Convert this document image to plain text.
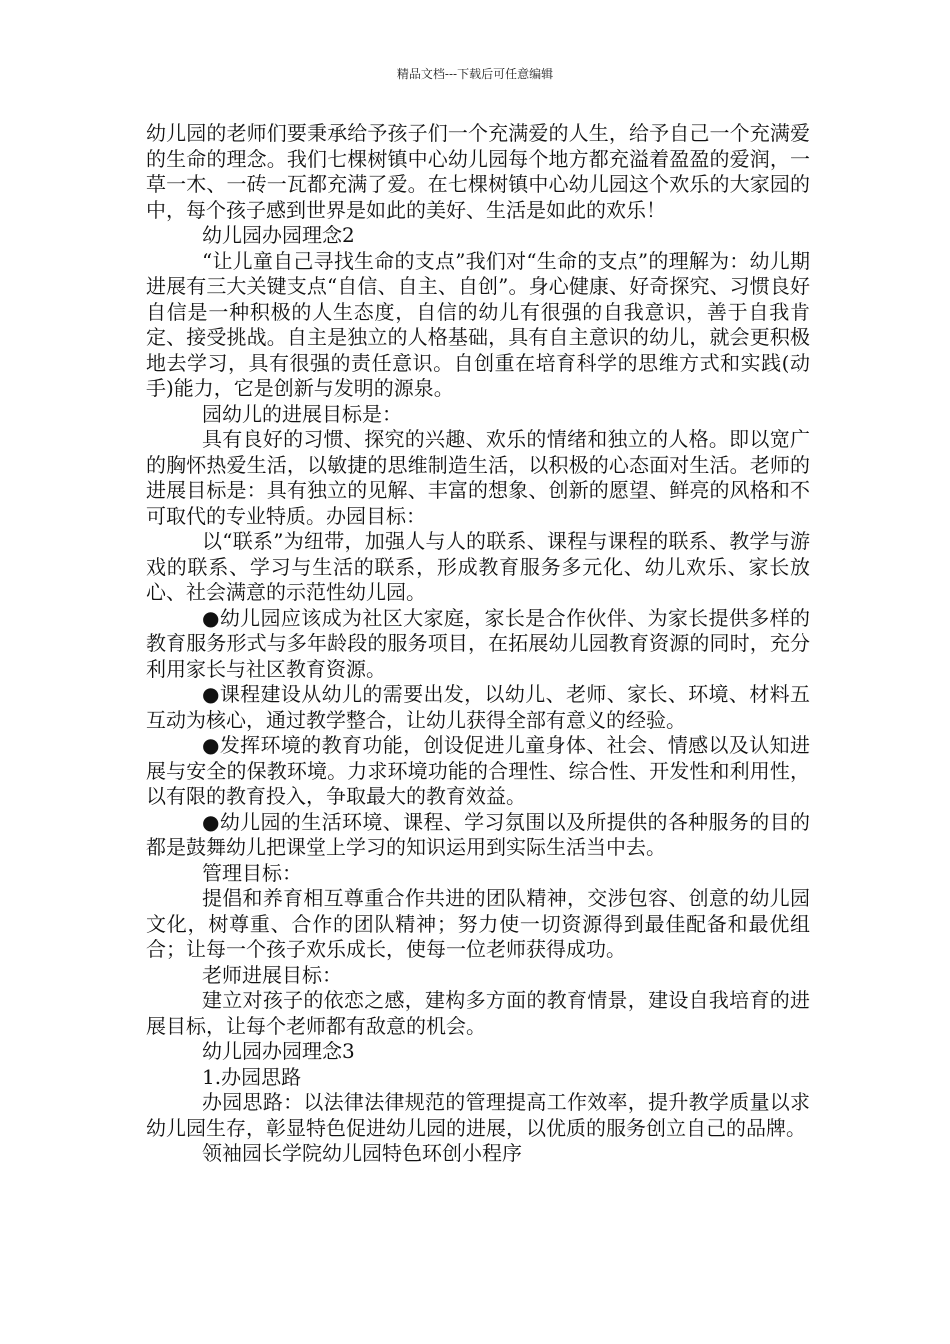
精品文档---下载后可任意编辑

幼儿园的老师们要秉承给予孩子们一个充满爱的人生，给予自己一个充满爱的生命的理念。我们七棵树镇中心幼儿园每个地方都充溢着盈盈的爱润，一草一木、一砖一瓦都充满了爱。在七棵树镇中心幼儿园这个欢乐的大家园的中，每个孩子感到世界是如此的美好、生活是如此的欢乐！

幼儿园办园理念2

“让儿童自己寻找生命的支点”我们对“生命的支点”的理解为：幼儿期进展有三大关键支点“自信、自主、自创”。身心健康、好奇探究、习惯良好自信是一种积极的人生态度，自信的幼儿有很强的自我意识，善于自我肯定、接受挑战。自主是独立的人格基础，具有自主意识的幼儿，就会更积极地去学习，具有很强的责任意识。自创重在培育科学的思维方式和实践(动手)能力，它是创新与发明的源泉。

园幼儿的进展目标是：

具有良好的习惯、探究的兴趣、欢乐的情绪和独立的人格。即以宽广的胸怀热爱生活，以敏捷的思维制造生活，以积极的心态面对生活。老师的进展目标是：具有独立的见解、丰富的想象、创新的愿望、鲜亮的风格和不可取代的专业特质。办园目标：

以“联系”为纽带，加强人与人的联系、课程与课程的联系、教学与游戏的联系、学习与生活的联系，形成教育服务多元化、幼儿欢乐、家长放心、社会满意的示范性幼儿园。

●幼儿园应该成为社区大家庭，家长是合作伙伴、为家长提供多样的教育服务形式与多年龄段的服务项目，在拓展幼儿园教育资源的同时，充分利用家长与社区教育资源。

●课程建设从幼儿的需要出发，以幼儿、老师、家长、环境、材料五互动为核心，通过教学整合，让幼儿获得全部有意义的经验。

●发挥环境的教育功能，创设促进儿童身体、社会、情感以及认知进展与安全的保教环境。力求环境功能的合理性、综合性、开发性和利用性，以有限的教育投入，争取最大的教育效益。

●幼儿园的生活环境、课程、学习氛围以及所提供的各种服务的目的都是鼓舞幼儿把课堂上学习的知识运用到实际生活当中去。

管理目标：

提倡和养育相互尊重合作共进的团队精神，交涉包容、创意的幼儿园文化，树尊重、合作的团队精神；努力使一切资源得到最佳配备和最优组合；让每一个孩子欢乐成长，使每一位老师获得成功。

老师进展目标：

建立对孩子的依恋之感，建构多方面的教育情景，建设自我培育的进展目标，让每个老师都有敌意的机会。

幼儿园办园理念3

1.办园思路

办园思路：以法律法律规范的管理提高工作效率，提升教学质量以求幼儿园生存，彰显特色促进幼儿园的进展，以优质的服务创立自己的品牌。

领袖园长学院幼儿园特色环创小程序
